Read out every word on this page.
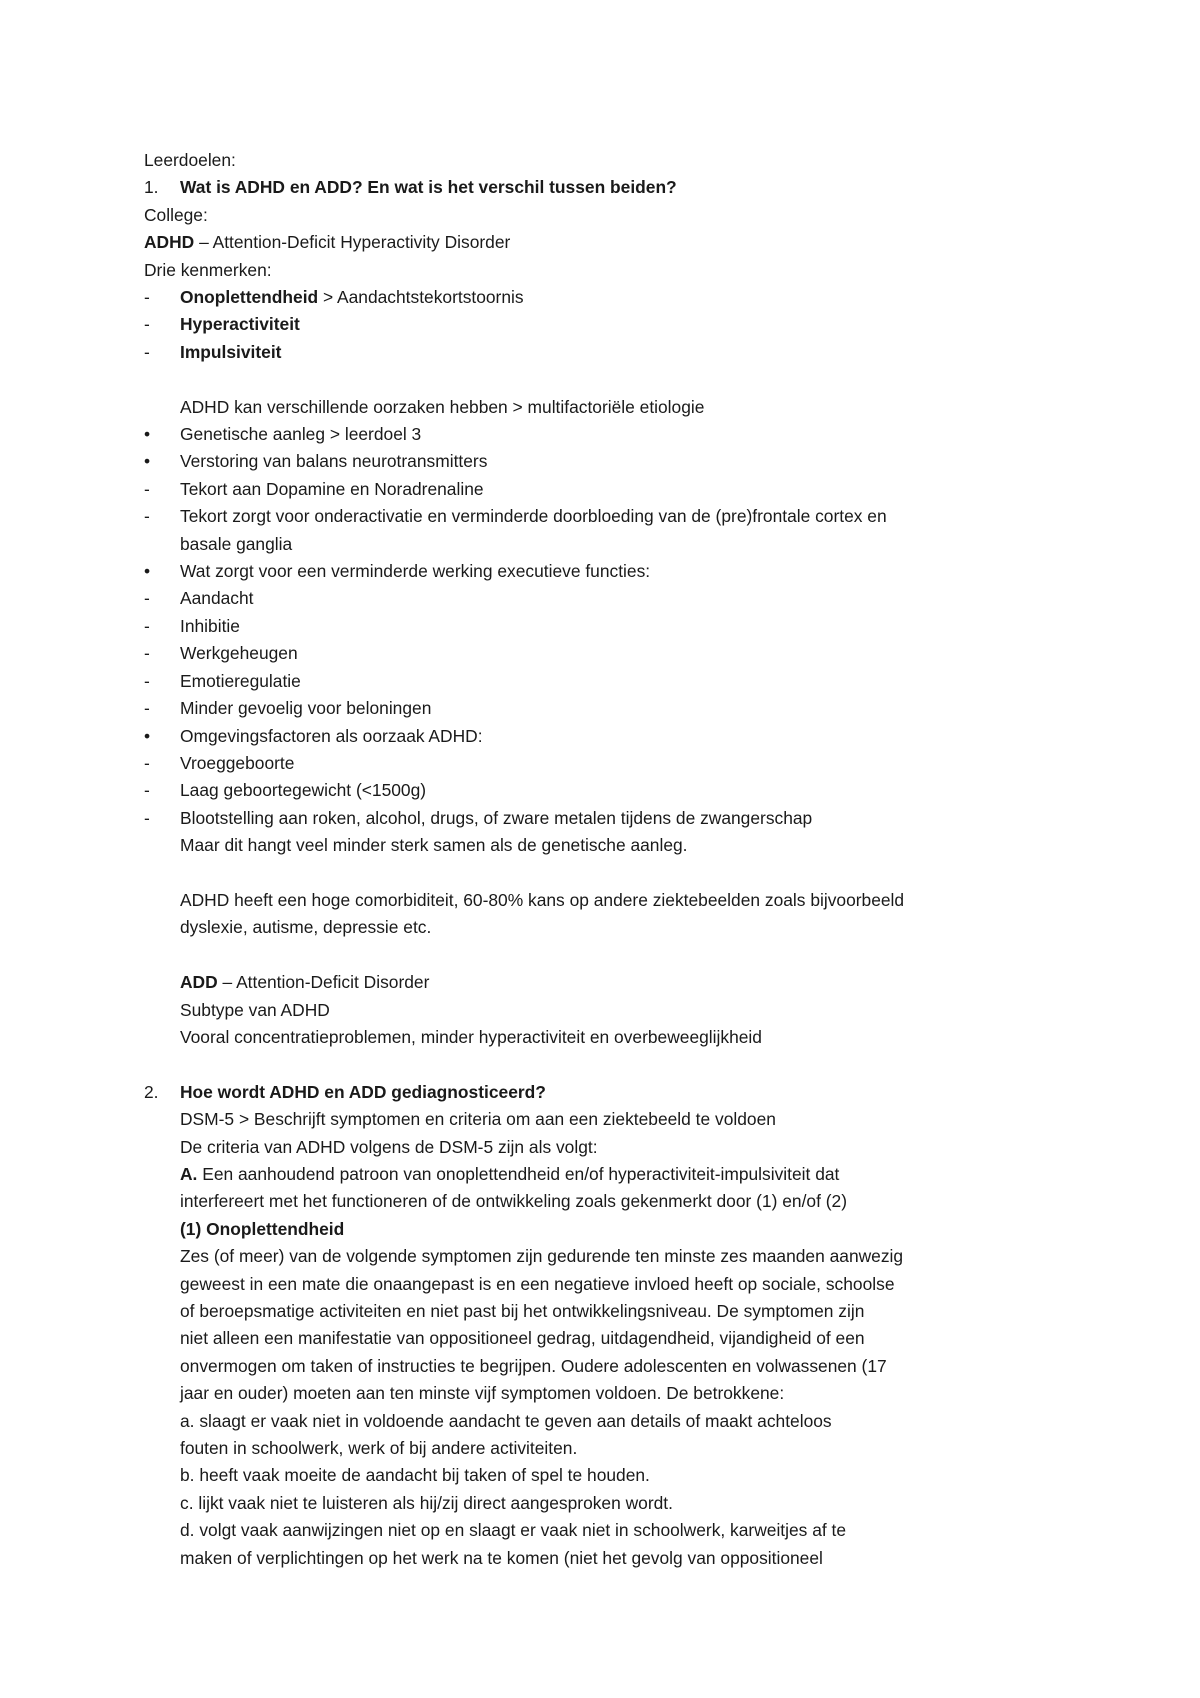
Leerdoelen:
1.	Wat is ADHD en ADD? En wat is het verschil tussen beiden?
College:
ADHD – Attention-Deficit Hyperactivity Disorder
Drie kenmerken:
-	Onoplettendheid > Aandachtstekortstoornis
-	Hyperactiviteit
-	Impulsiviteit
ADHD kan verschillende oorzaken hebben > multifactoriële etiologie
•	Genetische aanleg > leerdoel 3
•	Verstoring van balans neurotransmitters
-	Tekort aan Dopamine en Noradrenaline
-	Tekort zorgt voor onderactivatie en verminderde doorbloeding van de (pre)frontale cortex en
basale ganglia
•	Wat zorgt voor een verminderde werking executieve functies:
-	Aandacht
-	Inhibitie
-	Werkgeheugen
-	Emotieregulatie
-	Minder gevoelig voor beloningen
•	Omgevingsfactoren als oorzaak ADHD:
-	Vroeggeboorte
-	Laag geboortegewicht (<1500g)
-	Blootstelling aan roken, alcohol, drugs, of zware metalen tijdens de zwangerschap
Maar dit hangt veel minder sterk samen als de genetische aanleg.
ADHD heeft een hoge comorbiditeit, 60-80% kans op andere ziektebeelden zoals bijvoorbeeld
dyslexie, autisme, depressie etc.
ADD – Attention-Deficit Disorder
Subtype van ADHD
Vooral concentratieproblemen, minder hyperactiviteit en overbeweeglijkheid
2.	Hoe wordt ADHD en ADD gediagnosticeerd?
DSM-5 > Beschrijft symptomen en criteria om aan een ziektebeeld te voldoen
De criteria van ADHD volgens de DSM-5 zijn als volgt:
A. Een aanhoudend patroon van onoplettendheid en/of hyperactiviteit-impulsiviteit dat
interfereert met het functioneren of de ontwikkeling zoals gekenmerkt door (1) en/of (2)
(1) Onoplettendheid
Zes (of meer) van de volgende symptomen zijn gedurende ten minste zes maanden aanwezig
geweest in een mate die onaangepast is en een negatieve invloed heeft op sociale, schoolse
of beroepsmatige activiteiten en niet past bij het ontwikkelingsniveau. De symptomen zijn
niet alleen een manifestatie van oppositioneel gedrag, uitdagendheid, vijandigheid of een
onvermogen om taken of instructies te begrijpen. Oudere adolescenten en volwassenen (17
jaar en ouder) moeten aan ten minste vijf symptomen voldoen. De betrokkene:
a. slaagt er vaak niet in voldoende aandacht te geven aan details of maakt achteloos
fouten in schoolwerk, werk of bij andere activiteiten.
b. heeft vaak moeite de aandacht bij taken of spel te houden.
c. lijkt vaak niet te luisteren als hij/zij direct aangesproken wordt.
d. volgt vaak aanwijzingen niet op en slaagt er vaak niet in schoolwerk, karweitjes af te
maken of verplichtingen op het werk na te komen (niet het gevolg van oppositioneel
